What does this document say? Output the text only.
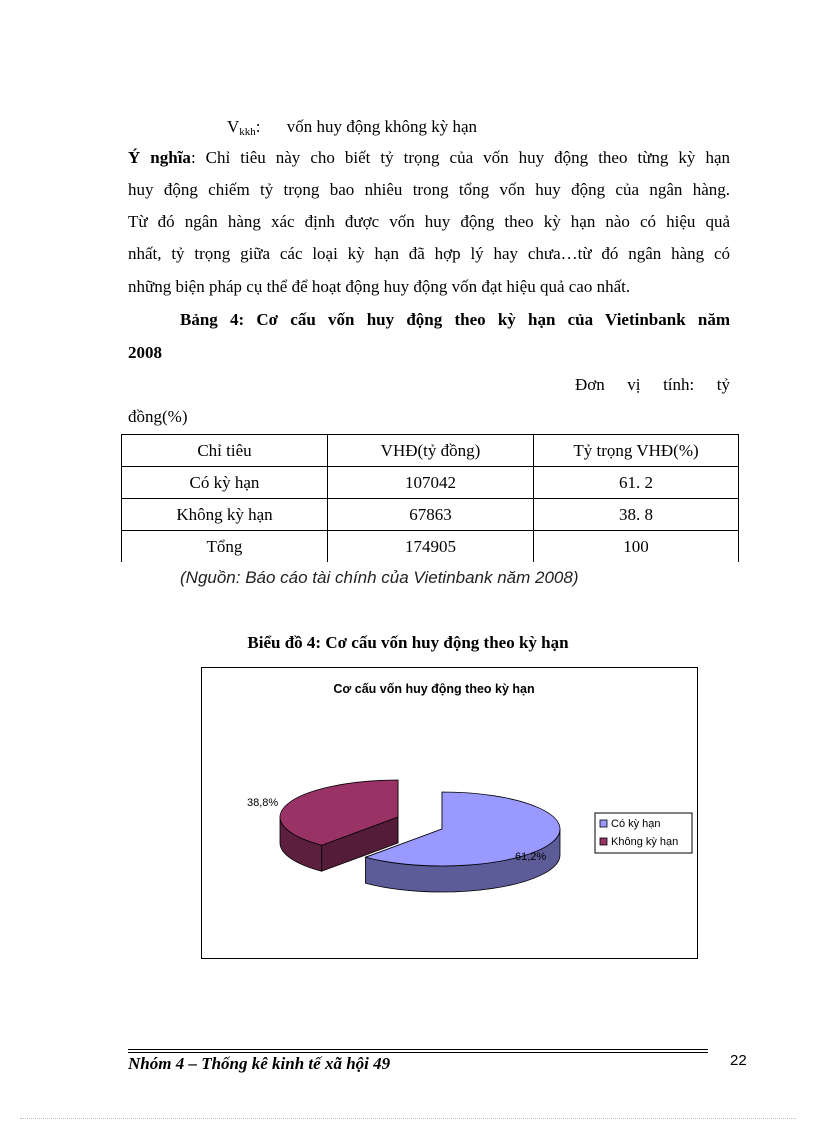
$V_{kkh}$: vốn huy động không kỳ hạn
Ý nghĩa: Chỉ tiêu này cho biết tỷ trọng của vốn huy động theo từng kỳ hạn
huy động chiếm tỷ trọng bao nhiêu trong tổng vốn huy động của ngân hàng.
Từ đó ngân hàng xác định được vốn huy động theo kỳ hạn nào có hiệu quả
nhất, tỷ trọng giữa các loại kỳ hạn đã hợp lý hay chưa…từ đó ngân hàng có
những biện pháp cụ thể để hoạt động huy động vốn đạt hiệu quả cao nhất.
Bảng 4: Cơ cấu vốn huy động theo kỳ hạn của Vietinbank năm
2008
Đơn vị tính: tỷ
đồng(%)
Chỉ tiêu	VHĐ(tỷ đồng)	Tỷ trọng VHĐ(%)
Có kỳ hạn	107042	61. 2
Không kỳ hạn	67863	38. 8
Tổng	174905	100
(Nguồn: Báo cáo tài chính của Vietinbank năm 2008)
Biểu đồ 4: Cơ cấu vốn huy động theo kỳ hạn
Cơ cấu vốn huy động theo kỳ hạn
61,2%
38,8%
Có kỳ hạn
Không kỳ hạn
Nhóm 4 – Thống kê kinh tế xã hội 49	22
